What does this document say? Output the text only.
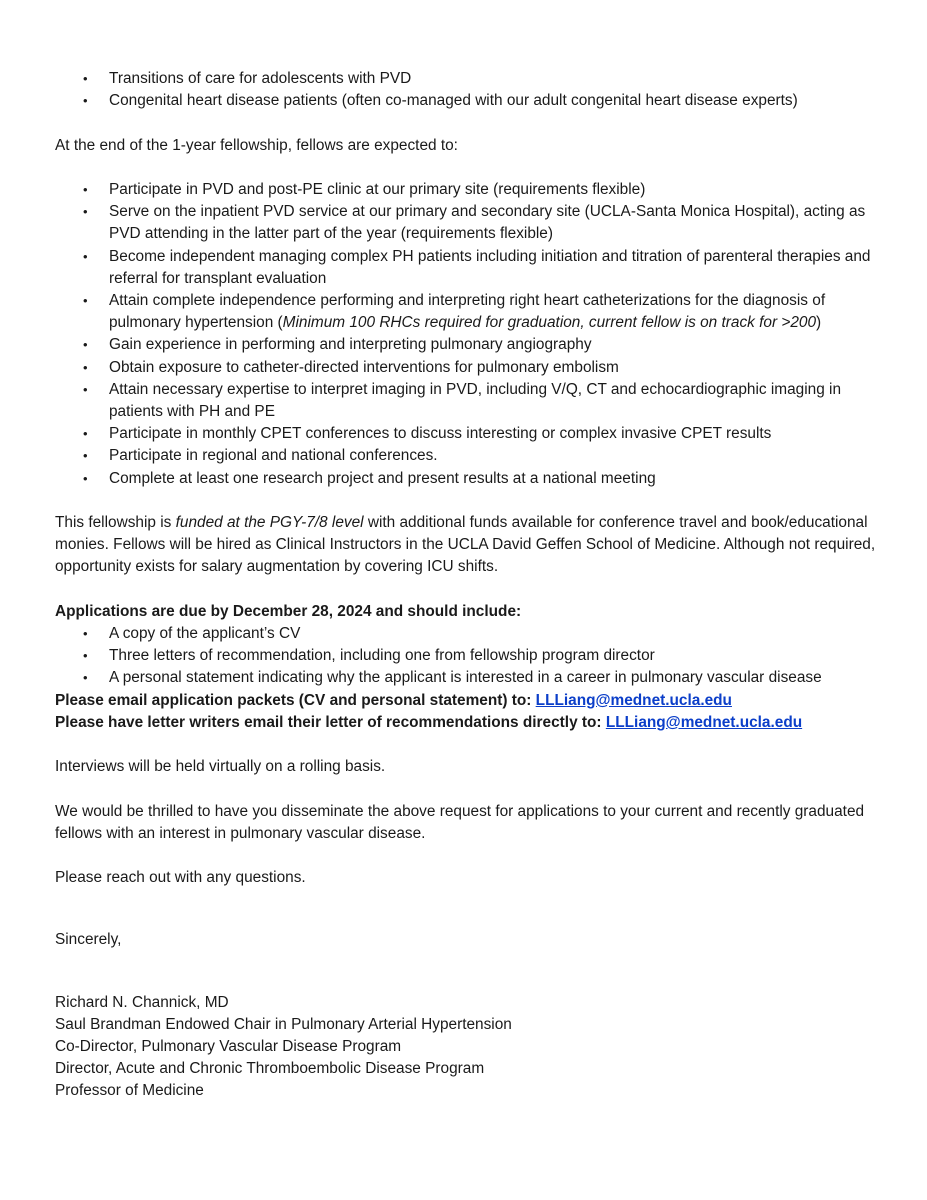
• Transitions of care for adolescents with PVD
• Congenital heart disease patients (often co-managed with our adult congenital heart disease experts)

At the end of the 1-year fellowship, fellows are expected to:

• Participate in PVD and post-PE clinic at our primary site (requirements flexible)
• Serve on the inpatient PVD service at our primary and secondary site (UCLA-Santa Monica Hospital), acting as PVD attending in the latter part of the year (requirements flexible)
• Become independent managing complex PH patients including initiation and titration of parenteral therapies and referral for transplant evaluation
• Attain complete independence performing and interpreting right heart catheterizations for the diagnosis of pulmonary hypertension (Minimum 100 RHCs required for graduation, current fellow is on track for >200)
• Gain experience in performing and interpreting pulmonary angiography
• Obtain exposure to catheter-directed interventions for pulmonary embolism
• Attain necessary expertise to interpret imaging in PVD, including V/Q, CT and echocardiographic imaging in patients with PH and PE
• Participate in monthly CPET conferences to discuss interesting or complex invasive CPET results
• Participate in regional and national conferences.
• Complete at least one research project and present results at a national meeting

This fellowship is funded at the PGY-7/8 level with additional funds available for conference travel and book/educational monies. Fellows will be hired as Clinical Instructors in the UCLA David Geffen School of Medicine. Although not required, opportunity exists for salary augmentation by covering ICU shifts.

Applications are due by December 28, 2024 and should include:

• A copy of the applicant’s CV
• Three letters of recommendation, including one from fellowship program director
• A personal statement indicating why the applicant is interested in a career in pulmonary vascular disease

Please email application packets (CV and personal statement) to: LLLiang@mednet.ucla.edu

Please have letter writers email their letter of recommendations directly to: LLLiang@mednet.ucla.edu

Interviews will be held virtually on a rolling basis.

We would be thrilled to have you disseminate the above request for applications to your current and recently graduated fellows with an interest in pulmonary vascular disease.

Please reach out with any questions.

Sincerely,

Richard N. Channick, MD

Saul Brandman Endowed Chair in Pulmonary Arterial Hypertension

Co-Director, Pulmonary Vascular Disease Program

Director, Acute and Chronic Thromboembolic Disease Program

Professor of Medicine
